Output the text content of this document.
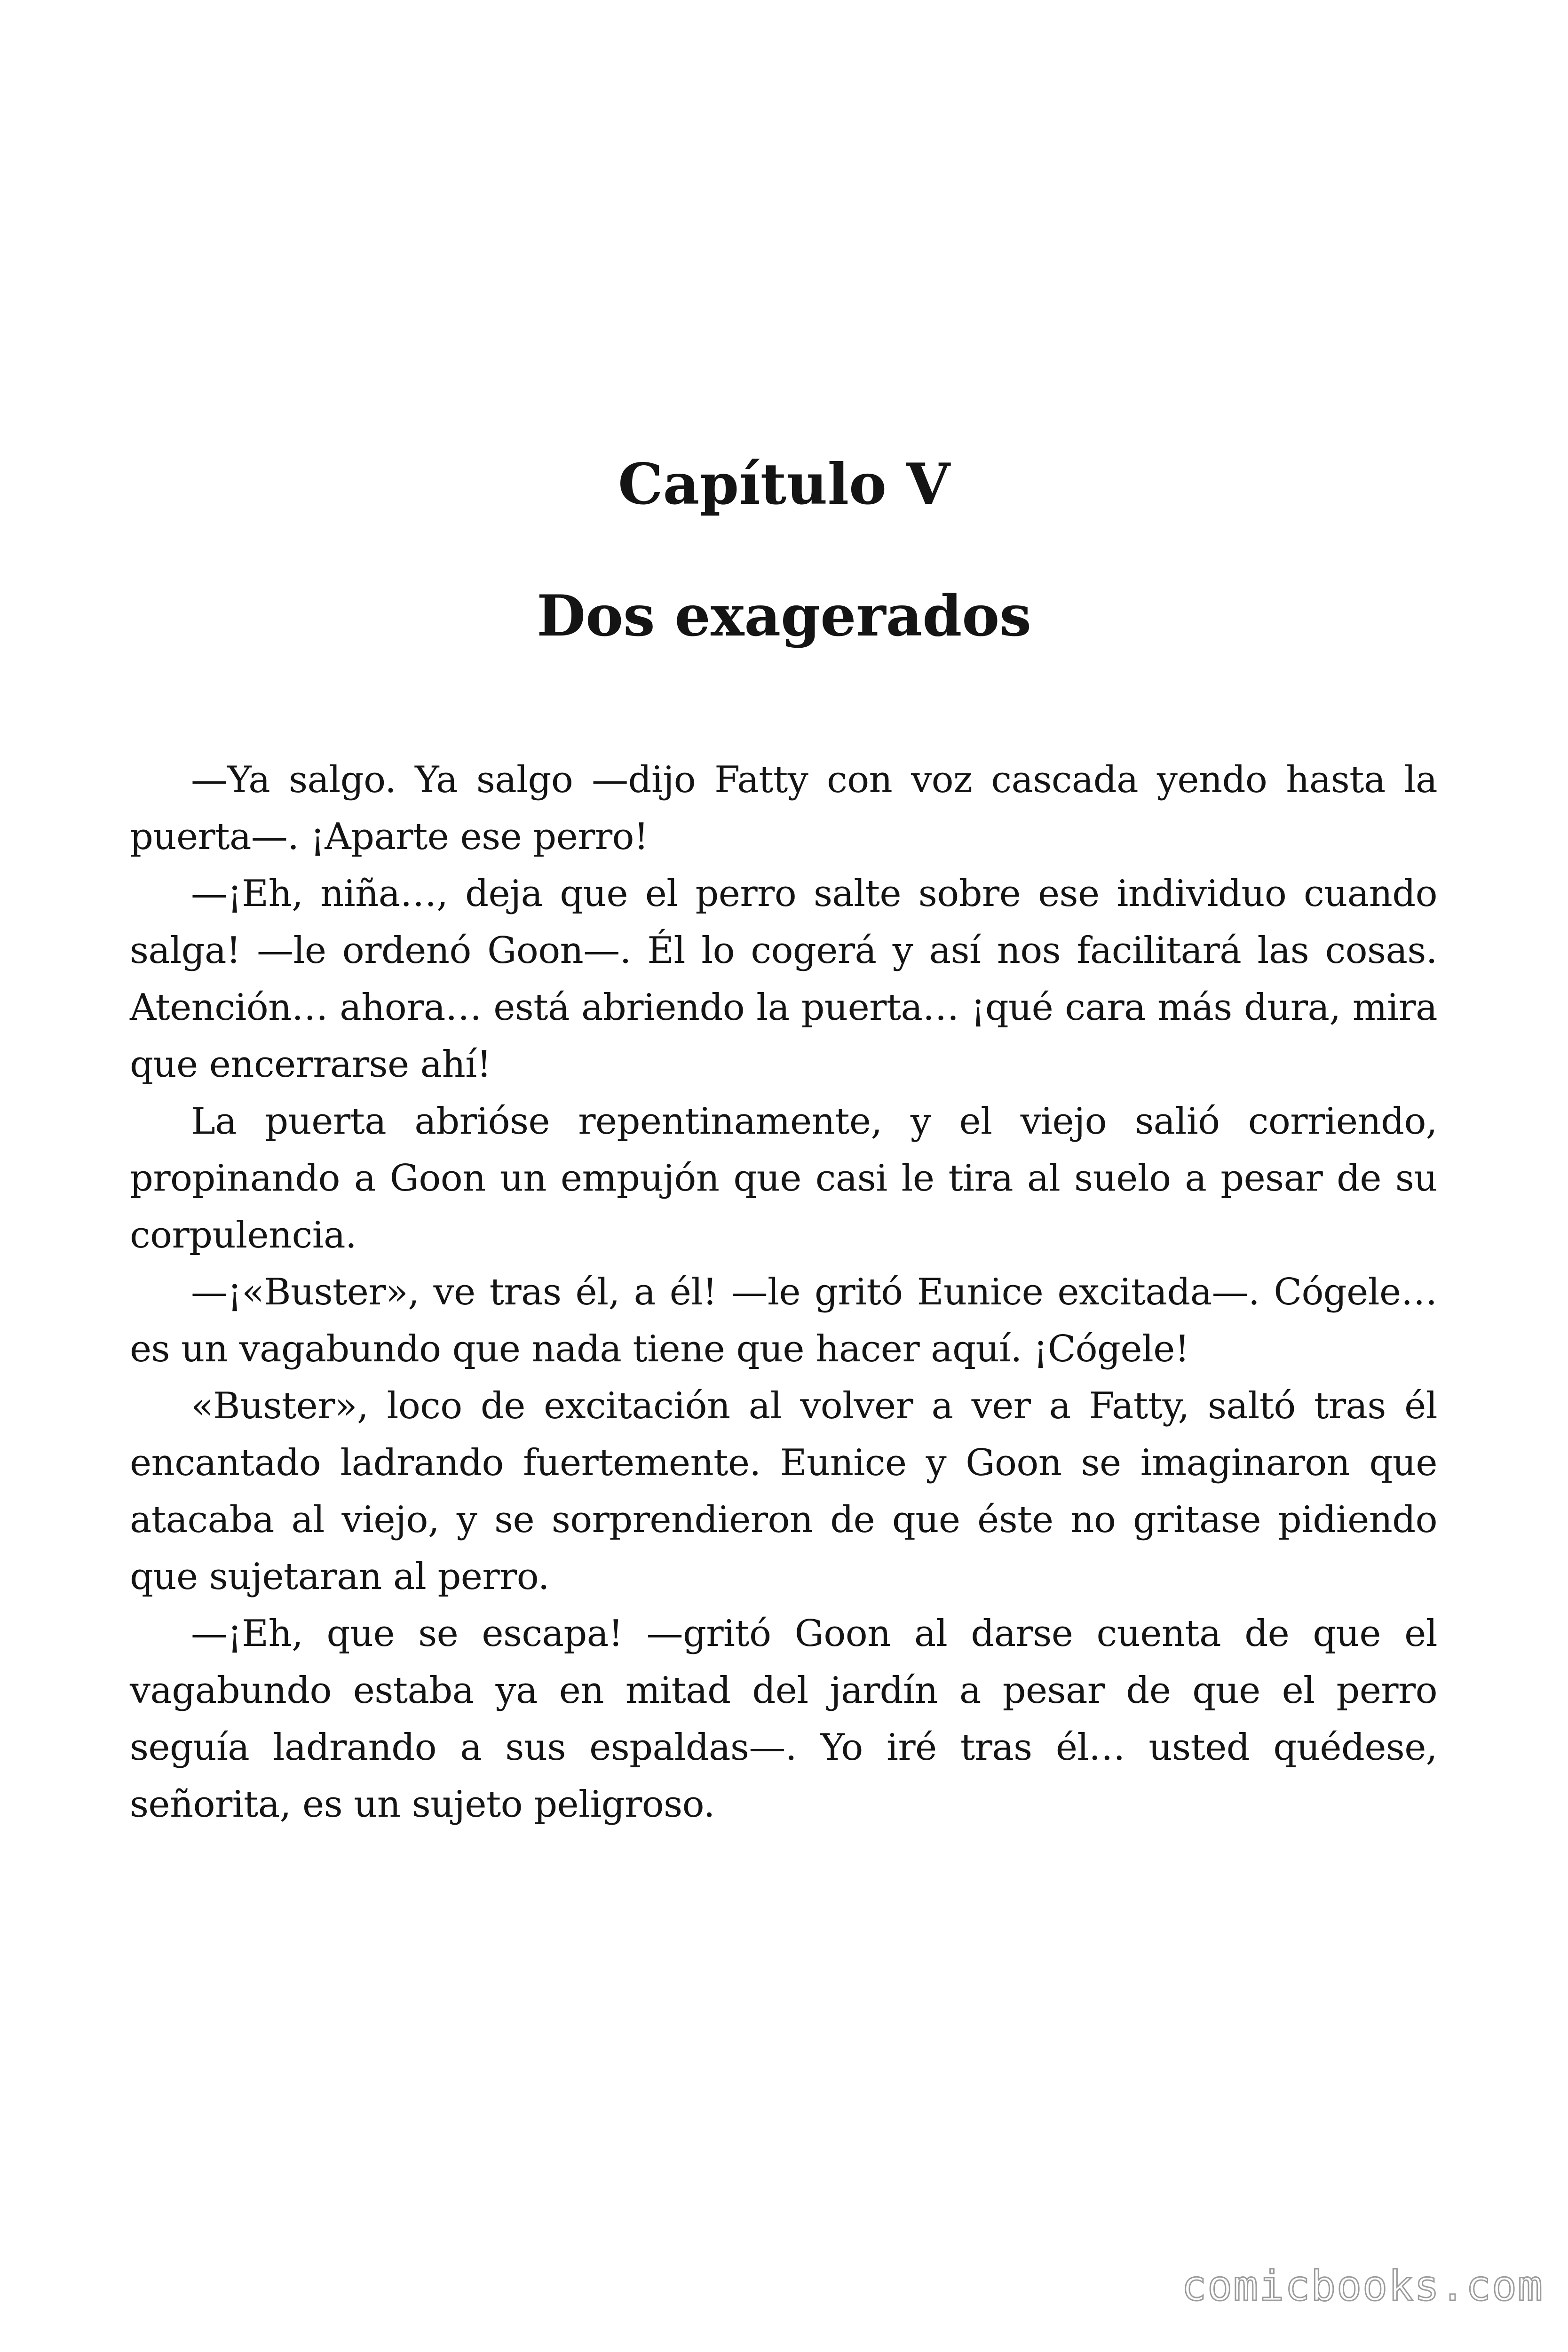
Capítulo V
Dos exagerados

—Ya salgo. Ya salgo —dijo Fatty con voz cascada yendo hasta la puerta—. ¡Aparte ese perro!

—¡Eh, niña…, deja que el perro salte sobre ese individuo cuando salga! —le ordenó Goon—. Él lo cogerá y así nos facilitará las cosas. Atención… ahora… está abriendo la puerta… ¡qué cara más dura, mira que encerrarse ahí!

La puerta abrióse repentinamente, y el viejo salió corriendo, propinando a Goon un empujón que casi le tira al suelo a pesar de su corpulencia.

—¡«Buster», ve tras él, a él! —le gritó Eunice excitada—. Cógele… es un vagabundo que nada tiene que hacer aquí. ¡Cógele!

«Buster», loco de excitación al volver a ver a Fatty, saltó tras él encantado ladrando fuertemente. Eunice y Goon se imaginaron que atacaba al viejo, y se sorprendieron de que éste no gritase pidiendo que sujetaran al perro.

—¡Eh, que se escapa! —gritó Goon al darse cuenta de que el vagabundo estaba ya en mitad del jardín a pesar de que el perro seguía ladrando a sus espaldas—. Yo iré tras él… usted quédese, señorita, es un sujeto peligroso.

comicbooks.com
